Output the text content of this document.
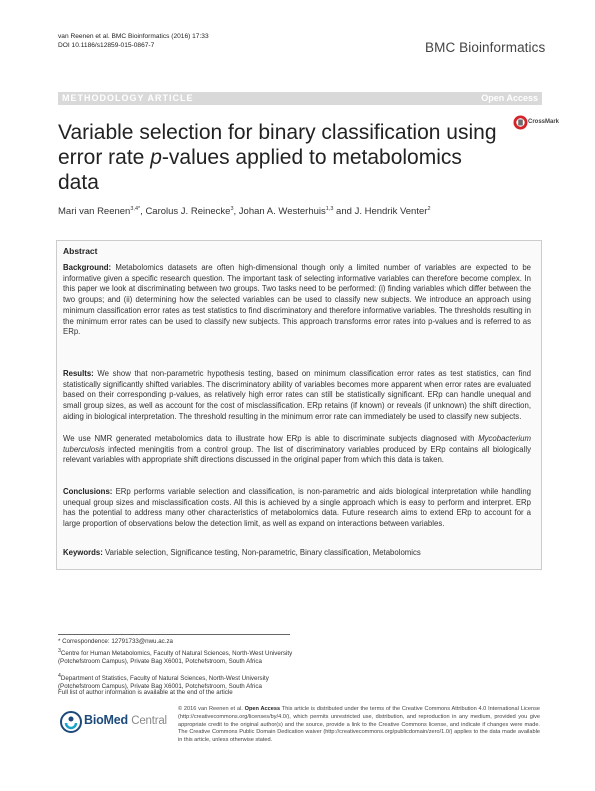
van Reenen et al. BMC Bioinformatics (2016) 17:33
DOI 10.1186/s12859-015-0867-7	BMC Bioinformatics
METHODOLOGY ARTICLE	Open Access
CrossMark
Variable selection for binary classification using error rate p-values applied to metabolomics data
Mari van Reenen$^{3,4*}$, Carolus J. Reinecke$^3$, Johan A. Westerhuis$^{1,3}$ and J. Hendrik Venter$^2$
Abstract
Background: Metabolomics datasets are often high-dimensional though only a limited number of variables are expected to be informative given a specific research question. The important task of selecting informative variables can therefore become complex. In this paper we look at discriminating between two groups. Two tasks need to be performed: (i) finding variables which differ between the two groups; and (ii) determining how the selected variables can be used to classify new subjects. We introduce an approach using minimum classification error rates as test statistics to find discriminatory and therefore informative variables. The thresholds resulting in the minimum error rates can be used to classify new subjects. This approach transforms error rates into p-values and is referred to as ERp.
Results: We show that non-parametric hypothesis testing, based on minimum classification error rates as test statistics, can find statistically significantly shifted variables. The discriminatory ability of variables becomes more apparent when error rates are evaluated based on their corresponding p-values, as relatively high error rates can still be statistically significant. ERp can handle unequal and small group sizes, as well as account for the cost of misclassification. ERp retains (if known) or reveals (if unknown) the shift direction, aiding in biological interpretation. The threshold resulting in the minimum error rate can immediately be used to classify new subjects.
We use NMR generated metabolomics data to illustrate how ERp is able to discriminate subjects diagnosed with Mycobacterium tuberculosis infected meningitis from a control group. The list of discriminatory variables produced by ERp contains all biologically relevant variables with appropriate shift directions discussed in the original paper from which this data is taken.
Conclusions: ERp performs variable selection and classification, is non-parametric and aids biological interpretation while handling unequal group sizes and misclassification costs. All this is achieved by a single approach which is easy to perform and interpret. ERp has the potential to address many other characteristics of metabolomics data. Future research aims to extend ERp to account for a large proportion of observations below the detection limit, as well as expand on interactions between variables.
Keywords: Variable selection, Significance testing, Non-parametric, Binary classification, Metabolomics
* Correspondence: 12791733@nwu.ac.za
$^3$Centre for Human Metabolomics, Faculty of Natural Sciences, North-West University (Potchefstroom Campus), Private Bag X6001, Potchefstroom, South Africa
$^4$Department of Statistics, Faculty of Natural Sciences, North-West University (Potchefstroom Campus), Private Bag X6001, Potchefstroom, South Africa
Full list of author information is available at the end of the article
BioMed Central
© 2016 van Reenen et al. Open Access This article is distributed under the terms of the Creative Commons Attribution 4.0 International License (http://creativecommons.org/licenses/by/4.0/), which permits unrestricted use, distribution, and reproduction in any medium, provided you give appropriate credit to the original author(s) and the source, provide a link to the Creative Commons license, and indicate if changes were made. The Creative Commons Public Domain Dedication waiver (http://creativecommons.org/publicdomain/zero/1.0/) applies to the data made available in this article, unless otherwise stated.
